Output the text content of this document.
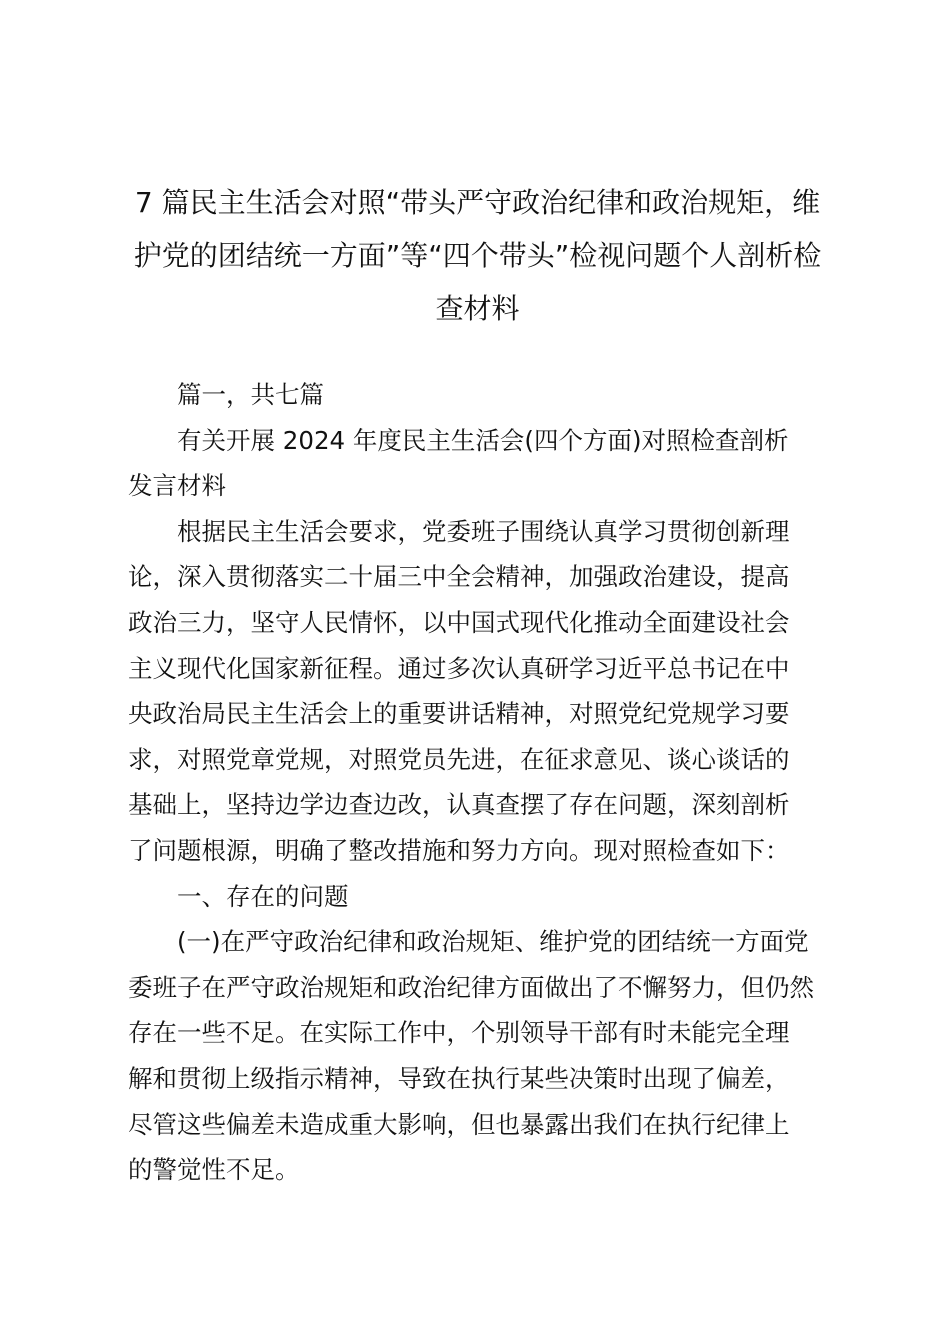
7 篇民主生活会对照“带头严守政治纪律和政治规矩，维
护党的团结统一方面”等“四个带头”检视问题个人剖析检
查材料
篇一，共七篇
有关开展 2024 年度民主生活会(四个方面)对照检查剖析
发言材料
根据民主生活会要求，党委班子围绕认真学习贯彻创新理
论，深入贯彻落实二十届三中全会精神，加强政治建设，提高
政治三力，坚守人民情怀，以中国式现代化推动全面建设社会
主义现代化国家新征程。通过多次认真研学习近平总书记在中
央政治局民主生活会上的重要讲话精神，对照党纪党规学习要
求，对照党章党规，对照党员先进，在征求意见、谈心谈话的
基础上，坚持边学边查边改，认真查摆了存在问题，深刻剖析
了问题根源，明确了整改措施和努力方向。现对照检查如下：
一、存在的问题
(一)在严守政治纪律和政治规矩、维护党的团结统一方面党
委班子在严守政治规矩和政治纪律方面做出了不懈努力，但仍然
存在一些不足。在实际工作中，个别领导干部有时未能完全理
解和贯彻上级指示精神，导致在执行某些决策时出现了偏差，
尽管这些偏差未造成重大影响，但也暴露出我们在执行纪律上
的警觉性不足。
